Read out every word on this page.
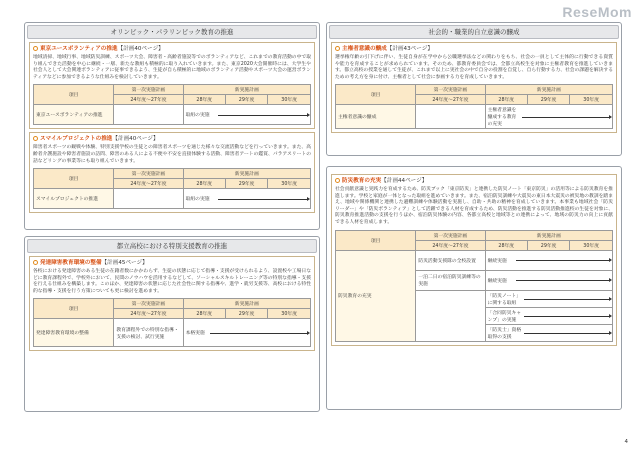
ReseMom
オリンピック・パラリンピック教育の推進
東京ユースボランティアの推進【計画40ページ】
地域清掃、地域行事、地域防災訓練、スポーツ大会、障害者・高齢者施設等でのボランティアなど、これまでの教育活動の中で取り組んできた活動を中心に継続・一層、新たな教組も積極的に取り入れていきます。また、東京2020大会開催時には、大学生や社会人として大会関連ボランティアに従事できるよう、生徒が自ら積極的に地域のボランティア活動やスポーツ大会の運営ボランティアなどに参加できるような仕組みを検討していきます。
項目	第一次実施計画	新実施計画		
	24年度〜27年度	28年度	29年度	30年度
東京ユースボランティアの推進		取組の実施		
スマイルプロジェクトの推進【計画40ページ】
障害者スポーツの観戦や体験、特別支援学校の生徒との障害者スポーツを通じた様々な交流活動などを行っていきます。また、高齢者介護施設や障害者施設の訪問、障害のある人による不便や不安を直接体験する活動、障害者アートの鑑賞、パラアスリートの話などリングの事業等にも取り組んでいきます。
項目	第一次実施計画	新実施計画		
	24年度〜27年度	28年度	29年度	30年度
スマイルプロジェクトの推進		取組の実施		
都立高校における特別支援教育の推進
発達障害教育環境の整備【計画45ページ】
各校における発達障害のある生徒の在籍者数にかかわらず、生徒の状態に応じて指導・支援が受けられるよう、設置校や工場日などに教育課程外で、学校外において、民間のノウハウを活用するなどして、ソーシャルスキルトレーニング等の特別な指導・支援を行える仕組みを構築します。このほか、発達障害の状態に応じた社会性に関する指導や、進学・就労支援等、高校における特性的な指導・支援を行う方策についても更に検討を進めます。
項目	第一次実施計画	新実施計画		
	24年度〜27年度	28年度	29年度	30年度
発達障害教育環境の整備	教育課程外での特別な指導・支援の検討、試行実施	本格実施		
社会的・職業的自立意識の醸成
主権者意識の醸成【計画43ページ】
選挙権年齢の引下げに伴い、生徒自身が在学中から公職選挙法などの関わりをもち、社会の一員として主体的に行動できる資質や能力を育成することが求められています。そのため、都教育委員会では、全都立高校生を対象に主権者教育を推進していきます。都立高校の授業を通して生徒が、これまで以上に実社会の中で自分の役割を自覚し、自ら行動する力、社会の課題を解決するための考え方を身に付け、主権者として社会に参画する力を育成していきます。
項目	第一次実施計画	新実施計画		
	24年度〜27年度	28年度	29年度	30年度
主権者意識の醸成		主権者意識を醸成する教育の充実		
防災教育の充実【計画44ページ】
社会貢献意識と実践力を育成するため、防災ブック「東京防災」と連携した防災ノート「東京防災」の活用等による防災教育を推進します。学校と家庭が一体となった取組を進めていきます。また、宿泊防災訓練や大震災の東日本大震災の被災地の教訓を踏まえ、地域や関係機関と連携した避難訓練や体験活動を実施し、自助・共助の精神を育成していきます。本事業も地域社会「防災リーダー」や「防災ボランティア」として活躍できる人材を育成するため、防災活動を推進する防災活動推進校の生徒を対象に、防災教育推進活動の支援を行うほか、宿泊防災体験の内容、各都立高校と地域等との連携によって、地域の防災力の向上に貢献できる人材を育成します。
項目	第一次実施計画	新実施計画		
	24年度〜27年度	28年度	29年度	30年度
防災教育の充実	防災活動支援隊の全校設置	継続実施		

	一泊二日の宿泊防災訓練等の実施	継続実施		

		「防災ノート」に関する取組		

		「合同防災キャンプ」の実施		

		「防災士」資格取得の支援		
4
